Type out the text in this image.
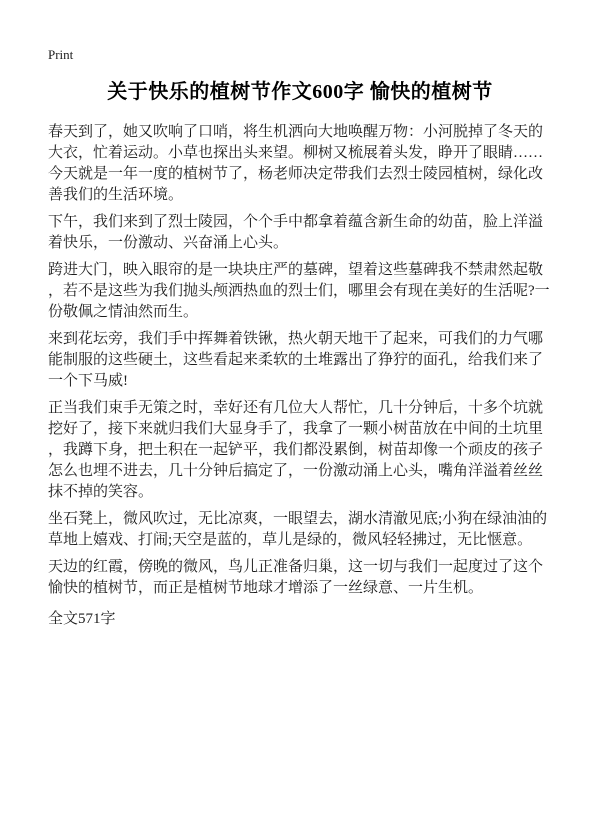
Print
关于快乐的植树节作文600字 愉快的植树节

春天到了，她又吹响了口哨，将生机洒向大地唤醒万物：小河脱掉了冬天的大衣，忙着运动。小草也探出头来望。柳树又梳展着头发，睁开了眼睛……今天就是一年一度的植树节了，杨老师决定带我们去烈士陵园植树，绿化改善我们的生活环境。

下午，我们来到了烈士陵园，个个手中都拿着蕴含新生命的幼苗，脸上洋溢着快乐，一份激动、兴奋涌上心头。

跨进大门，映入眼帘的是一块块庄严的墓碑，望着这些墓碑我不禁肃然起敬，若不是这些为我们抛头颅洒热血的烈士们，哪里会有现在美好的生活呢?一份敬佩之情油然而生。

来到花坛旁，我们手中挥舞着铁锹，热火朝天地干了起来，可我们的力气哪能制服的这些硬土，这些看起来柔软的土堆露出了狰狞的面孔，给我们来了一个下马威!

正当我们束手无策之时，幸好还有几位大人帮忙，几十分钟后，十多个坑就挖好了，接下来就归我们大显身手了，我拿了一颗小树苗放在中间的土坑里，我蹲下身，把土积在一起铲平，我们都没累倒，树苗却像一个顽皮的孩子怎么也埋不进去，几十分钟后搞定了，一份激动涌上心头，嘴角洋溢着丝丝抹不掉的笑容。

坐石凳上，微风吹过，无比凉爽，一眼望去，湖水清澈见底;小狗在绿油油的草地上嬉戏、打闹;天空是蓝的，草儿是绿的，微风轻轻拂过，无比惬意。

天边的红霞，傍晚的微风，鸟儿正准备归巢，这一切与我们一起度过了这个愉快的植树节，而正是植树节地球才增添了一丝绿意、一片生机。

全文571字
